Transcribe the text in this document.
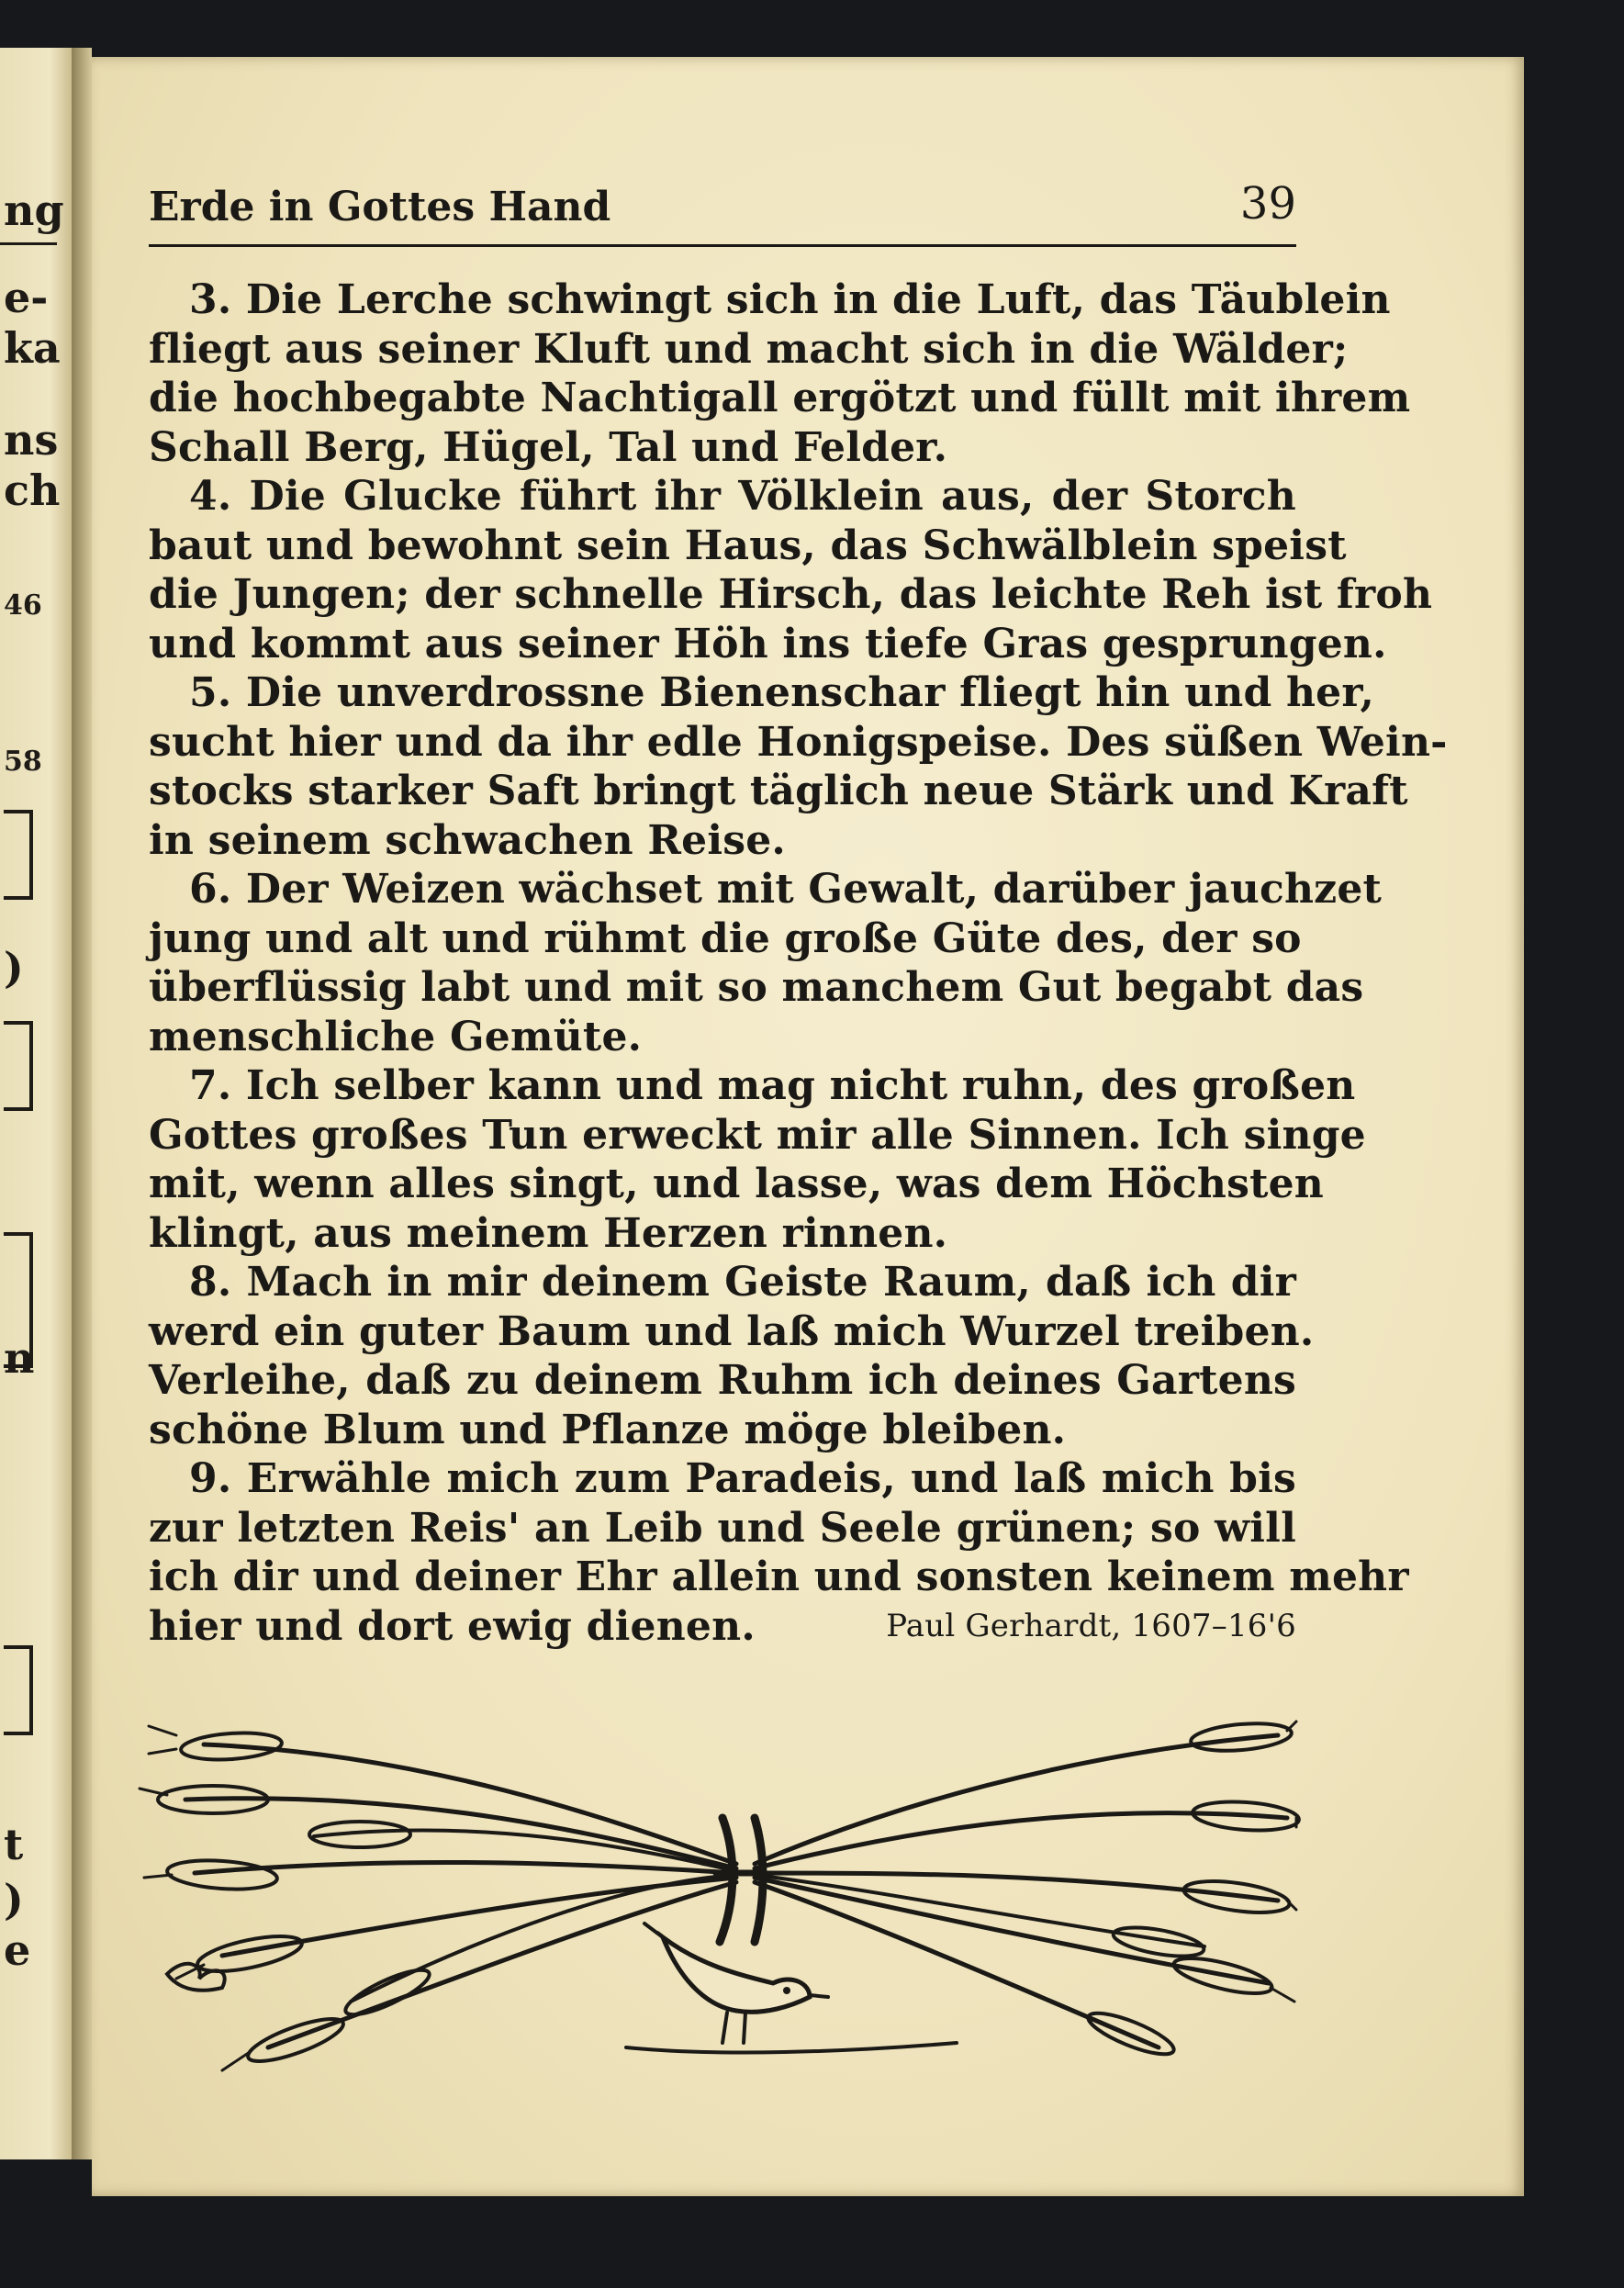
ng
e-
ka
ns
ch
46
58
)
n
t
)
e
Erde in Gottes Hand	39
3. Die Lerche schwingt sich in die Luft, das Täublein
fliegt aus seiner Kluft und macht sich in die Wälder;
die hochbegabte Nachtigall ergötzt und füllt mit ihrem
Schall Berg, Hügel, Tal und Felder.
4. Die Glucke führt ihr Völklein aus, der Storch
baut und bewohnt sein Haus, das Schwälblein speist
die Jungen; der schnelle Hirsch, das leichte Reh ist froh
und kommt aus seiner Höh ins tiefe Gras gesprungen.
5. Die unverdrossne Bienenschar fliegt hin und her,
sucht hier und da ihr edle Honigspeise. Des süßen Wein-
stocks starker Saft bringt täglich neue Stärk und Kraft
in seinem schwachen Reise.
6. Der Weizen wächset mit Gewalt, darüber jauchzet
jung und alt und rühmt die große Güte des, der so
überflüssig labt und mit so manchem Gut begabt das
menschliche Gemüte.
7. Ich selber kann und mag nicht ruhn, des großen
Gottes großes Tun erweckt mir alle Sinnen. Ich singe
mit, wenn alles singt, und lasse, was dem Höchsten
klingt, aus meinem Herzen rinnen.
8. Mach in mir deinem Geiste Raum, daß ich dir
werd ein guter Baum und laß mich Wurzel treiben.
Verleihe, daß zu deinem Ruhm ich deines Gartens
schöne Blum und Pflanze möge bleiben.
9. Erwähle mich zum Paradeis, und laß mich bis
zur letzten Reis' an Leib und Seele grünen; so will
ich dir und deiner Ehr allein und sonsten keinem mehr
hier und dort ewig dienen.	Paul Gerhardt, 1607–16'6
